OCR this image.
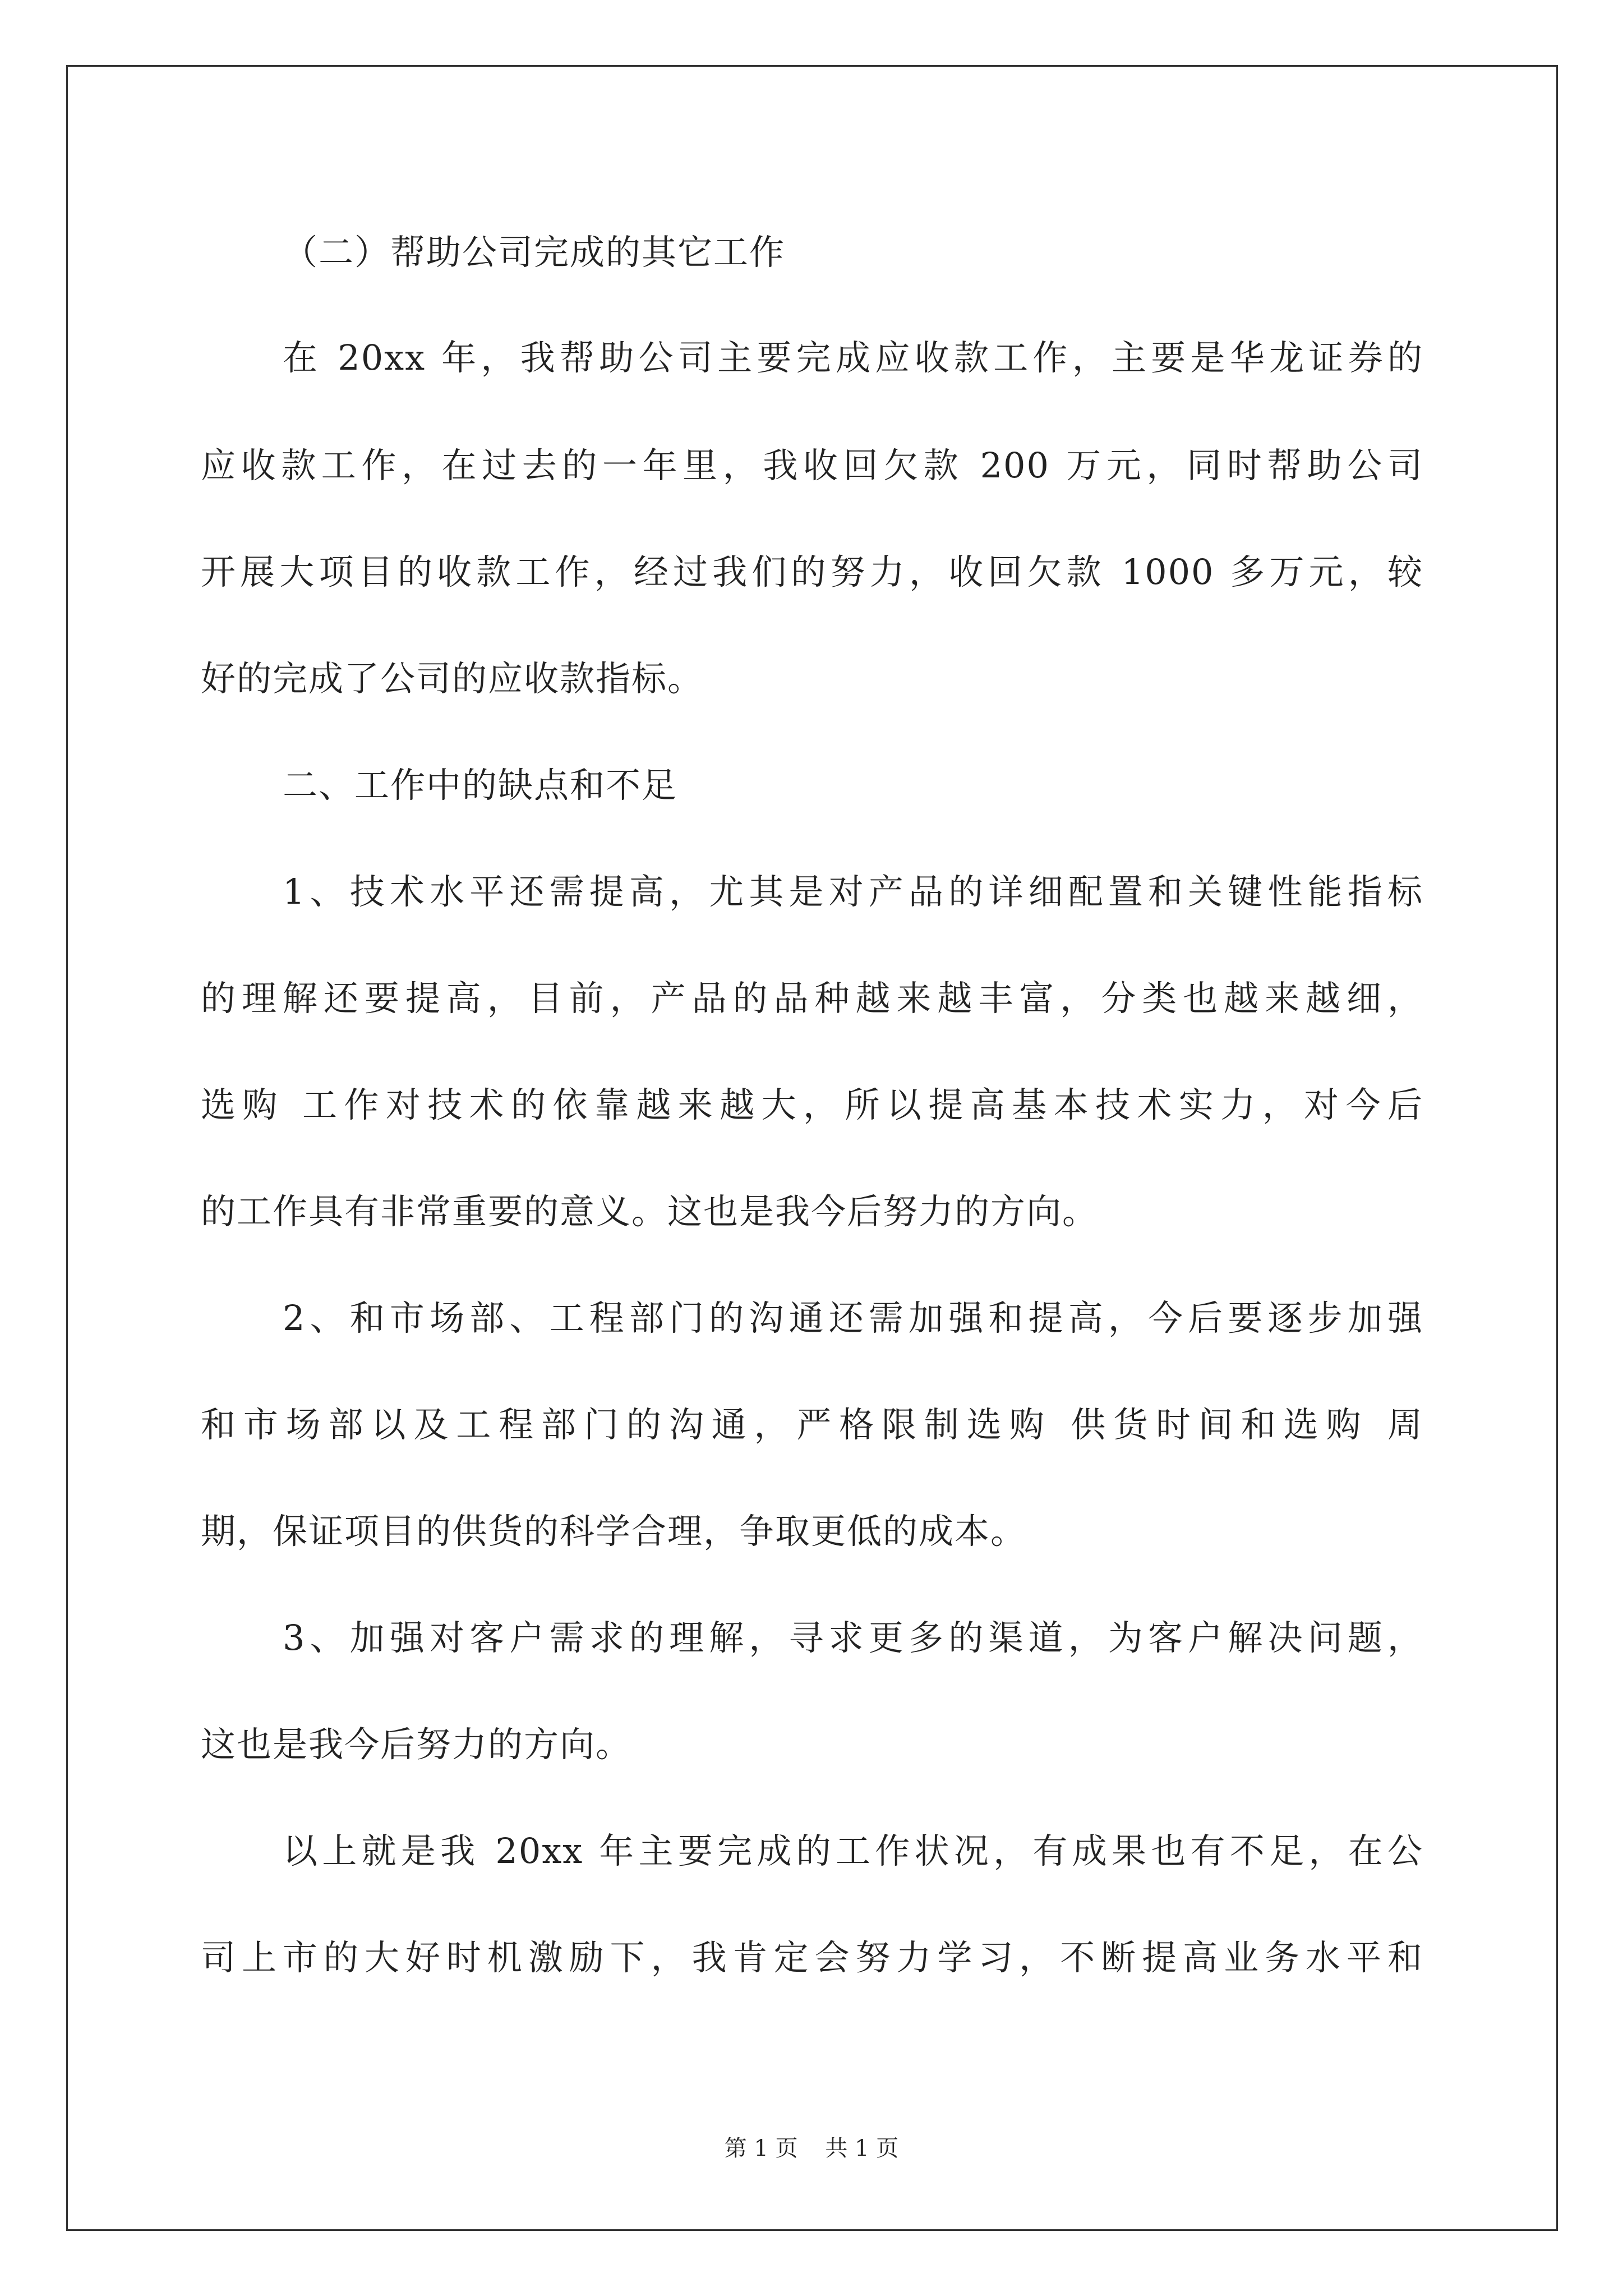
（二）帮助公司完成的其它工作
在 20xx 年，我帮助公司主要完成应收款工作，主要是华龙证券的
应收款工作，在过去的一年里，我收回欠款 200 万元，同时帮助公司
开展大项目的收款工作，经过我们的努力，收回欠款 1000 多万元，较
好的完成了公司的应收款指标。
二、工作中的缺点和不足
1、技术水平还需提高，尤其是对产品的详细配置和关键性能指标
的理解还要提高，目前，产品的品种越来越丰富，分类也越来越细，
选购 工作对技术的依靠越来越大，所以提高基本技术实力，对今后
的工作具有非常重要的意义。这也是我今后努力的方向。
2、和市场部、工程部门的沟通还需加强和提高，今后要逐步加强
和市场部以及工程部门的沟通，严格限制选购 供货时间和选购 周
期，保证项目的供货的科学合理，争取更低的成本。
3、加强对客户需求的理解，寻求更多的渠道，为客户解决问题，
这也是我今后努力的方向。
以上就是我 20xx 年主要完成的工作状况，有成果也有不足，在公
司上市的大好时机激励下，我肯定会努力学习，不断提高业务水平和
第 1 页 共 1 页
